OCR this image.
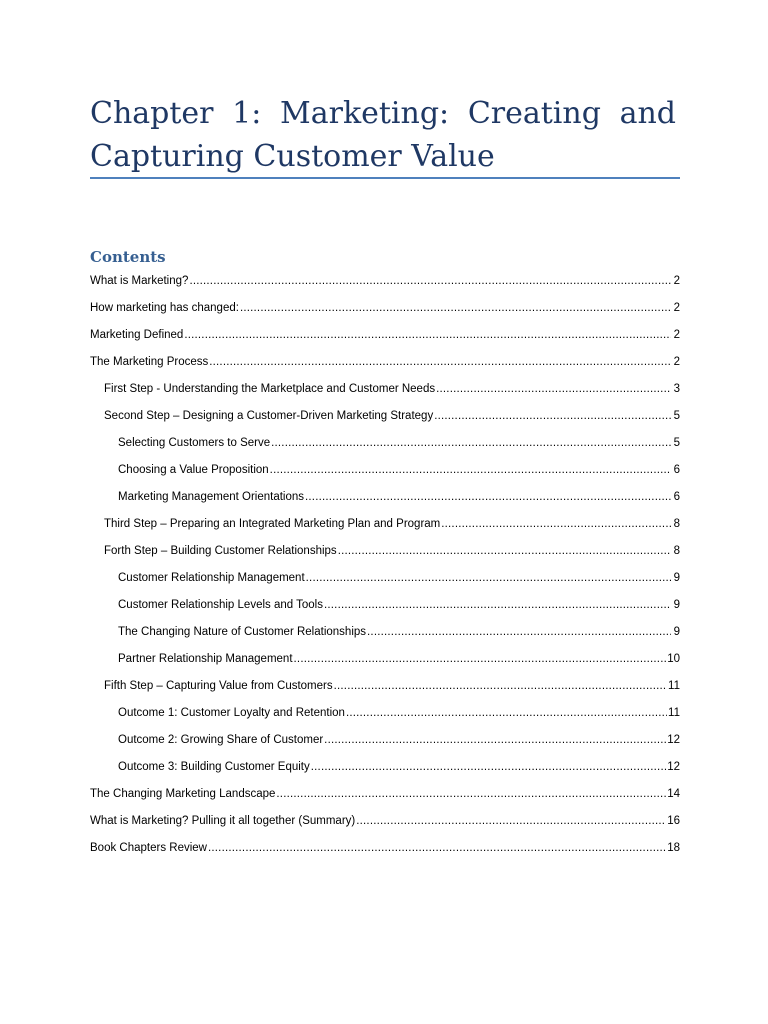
Chapter 1: Marketing: Creating and
Capturing Customer Value
Contents
What is Marketing? .....	2
How marketing has changed: .....	2
Marketing Defined .....	2
The Marketing Process .....	2
First Step - Understanding the Marketplace and Customer Needs .....	3
Second Step – Designing a Customer-Driven Marketing Strategy .....	5
Selecting Customers to Serve .....	5
Choosing a Value Proposition .....	6
Marketing Management Orientations .....	6
Third Step – Preparing an Integrated Marketing Plan and Program .....	8
Forth Step – Building Customer Relationships .....	8
Customer Relationship Management .....	9
Customer Relationship Levels and Tools .....	9
The Changing Nature of Customer Relationships .....	9
Partner Relationship Management .....	10
Fifth Step – Capturing Value from Customers .....	11
Outcome 1: Customer Loyalty and Retention .....	11
Outcome 2: Growing Share of Customer .....	12
Outcome 3: Building Customer Equity .....	12
The Changing Marketing Landscape .....	14
What is Marketing? Pulling it all together (Summary) .....	16
Book Chapters Review .....	18
